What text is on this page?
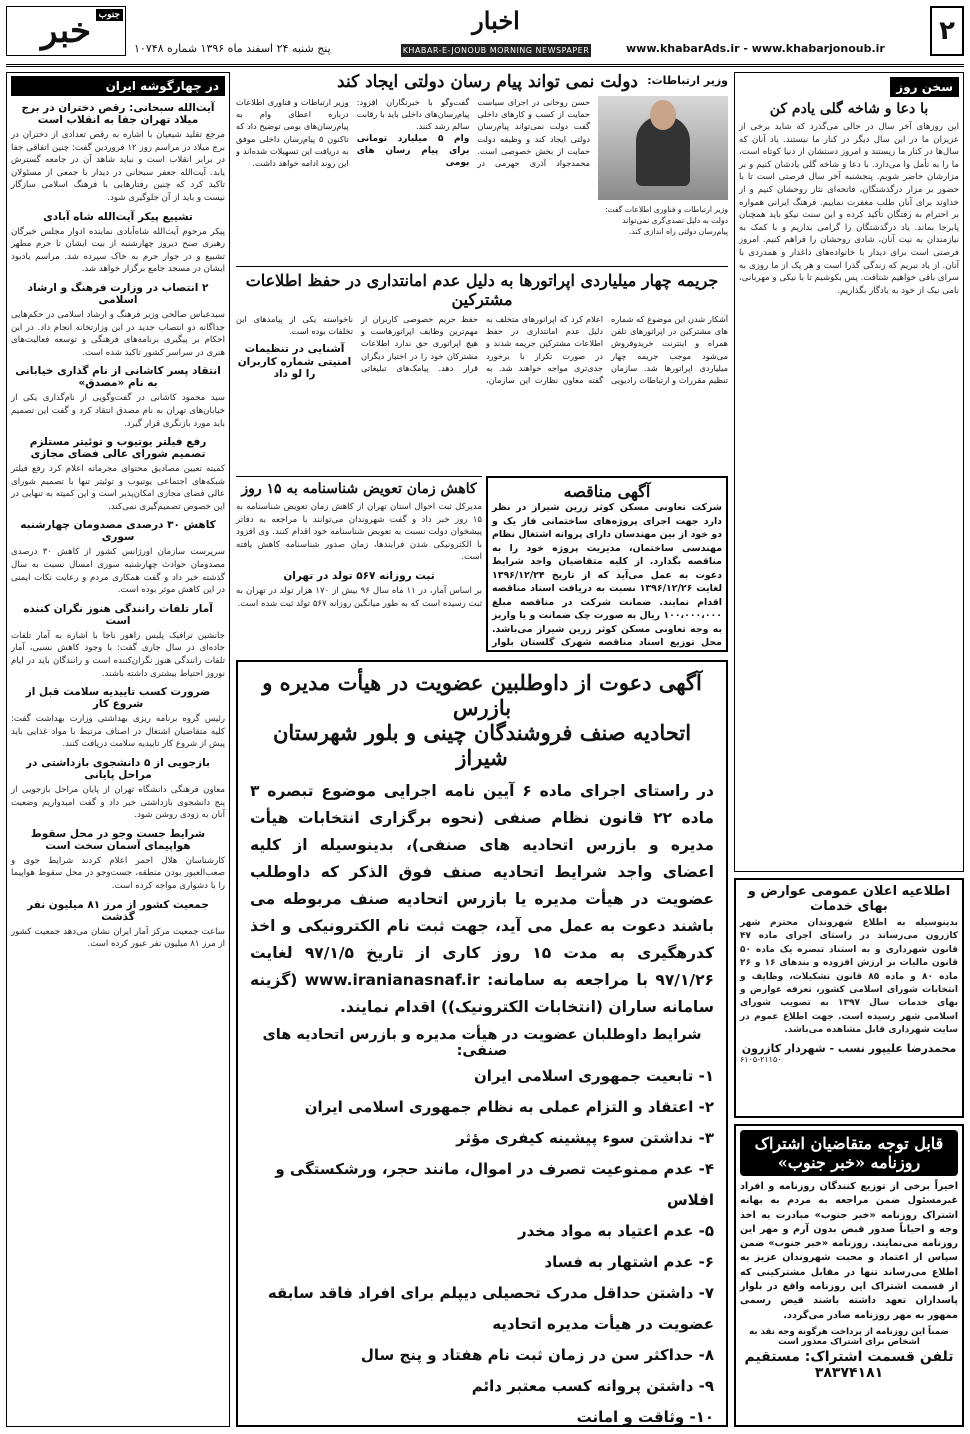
خبر جنوب
پنج شنبه ۲۴ اسفند ماه ۱۳۹۶ شماره ۱۰۷۴۸
اخبار
KHABAR-E-JONOUB MORNING NEWSPAPER	www.khabarAds.ir - www.khabarjonoub.ir
۲
سخن روز
با دعا و شاخه گلی یادم کن
این روزهای آخر سال در حالی می‌گذرد که شاید برخی از عزیزان ما در این سال دیگر در کنار ما نیستند. یاد آنان که سال‌ها در کنار ما زیستند و امروز دستشان از دنیا کوتاه است، ما را به تأمل وا می‌دارد. با دعا و شاخه گلی یادشان کنیم و بر مزارشان حاضر شویم. پنجشنبه آخر سال فرصتی است تا با حضور بر مزار درگذشتگان، فاتحه‌ای نثار روحشان کنیم و از خداوند برای آنان طلب مغفرت نماییم. فرهنگ ایرانی همواره بر احترام به رفتگان تأکید کرده و این سنت نیکو باید همچنان پابرجا بماند. یاد درگذشتگان را گرامی بداریم و با کمک به نیازمندان به نیت آنان، شادی روحشان را فراهم کنیم. امروز فرصتی است برای دیدار با خانواده‌های داغدار و همدردی با آنان. از یاد نبریم که زندگی گذرا است و هر یک از ما روزی به سرای باقی خواهیم شتافت. پس بکوشیم تا با نیکی و مهربانی، نامی نیک از خود به یادگار بگذاریم.
اطلاعیه اعلان عمومی عوارض و بهای خدمات
بدینوسیله به اطلاع شهروندان محترم شهر کازرون می‌رساند در راستای اجرای ماده ۴۷ قانون شهرداری و به استناد تبصره یک ماده ۵۰ قانون مالیات بر ارزش افزوده و بندهای ۱۶ و ۲۶ ماده ۸۰ و ماده ۸۵ قانون تشکیلات، وظایف و انتخابات شورای اسلامی کشور، تعرفه عوارض و بهای خدمات سال ۱۳۹۷ به تصویب شورای اسلامی شهر رسیده است. جهت اطلاع عموم در سایت شهرداری قابل مشاهده می‌باشد.
محمدرضا علیپور نسب - شهردار کازرون
۶۱۰۵-۲۱۱۵۰
قابل توجه متقاضیان اشتراک روزنامه «خبر جنوب»
اخیراً برخی از توزیع کنندگان روزنامه و افراد غیرمسئول ضمن مراجعه به مردم به بهانه اشتراک روزنامه «خبر جنوب» مبادرت به اخذ وجه و احیاناً صدور قبض بدون آرم و مهر این روزنامه می‌نمایند. روزنامه «خبر جنوب» ضمن سپاس از اعتماد و محبت شهروندان عزیز به اطلاع می‌رساند تنها در مقابل مشترکینی که از قسمت اشتراک این روزنامه واقع در بلوار پاسداران تعهد داشته باشند قیض رسمی ممهور به مهر روزنامه صادر می‌گردد.
ضمناً این روزنامه از پرداخت هرگونه وجه نقد به اشخاص برای اشتراک معذور است
تلفن قسمت اشتراک: مستقیم ۳۸۳۷۴۱۸۱
در چهارگوشه ایران
آیت‌الله سبحانی: رقص دختران در برج میلاد تهران جفا به انقلاب است
مرجع تقلید شیعیان با اشاره به رقص تعدادی از دختران در برج میلاد در مراسم روز ۱۲ فروردین گفت: چنین اتفاقی جفا در برابر انقلاب است و نباید شاهد آن در جامعه گسترش یابد. آیت‌الله جعفر سبحانی در دیدار با جمعی از مسئولان تاکید کرد که چنین رفتارهایی با فرهنگ اسلامی سازگار نیست و باید از آن جلوگیری شود.
تشییع پیکر آیت‌الله شاه آبادی
پیکر مرحوم آیت‌الله شاه‌آبادی نماینده ادوار مجلس خبرگان رهبری صبح دیروز چهارشنبه از بیت ایشان تا حرم مطهر تشییع و در جوار حرم به خاک سپرده شد. مراسم یادبود ایشان در مسجد جامع برگزار خواهد شد.
۲ انتصاب در وزارت فرهنگ و ارشاد اسلامی
سیدعباس صالحی وزیر فرهنگ و ارشاد اسلامی در حکم‌هایی جداگانه دو انتصاب جدید در این وزارتخانه انجام داد. در این احکام بر پیگیری برنامه‌های فرهنگی و توسعه فعالیت‌های هنری در سراسر کشور تاکید شده است.
انتقاد پسر کاشانی از نام گذاری خیابانی به نام «مصدق»
سید محمود کاشانی در گفت‌وگویی از نام‌گذاری یکی از خیابان‌های تهران به نام مصدق انتقاد کرد و گفت این تصمیم باید مورد بازنگری قرار گیرد.
رفع فیلتر یوتیوب و توئیتر مستلزم تصمیم شورای عالی فضای مجازی
کمیته تعیین مصادیق محتوای مجرمانه اعلام کرد رفع فیلتر شبکه‌های اجتماعی یوتیوب و توئیتر تنها با تصمیم شورای عالی فضای مجازی امکان‌پذیر است و این کمیته به تنهایی در این خصوص تصمیم‌گیری نمی‌کند.
کاهش ۳۰ درصدی مصدومان چهارشنبه سوری
سرپرست سازمان اورژانس کشور از کاهش ۳۰ درصدی مصدومان حوادث چهارشنبه سوری امسال نسبت به سال گذشته خبر داد و گفت همکاری مردم و رعایت نکات ایمنی در این کاهش موثر بوده است.
آمار تلفات رانندگی هنوز نگران کننده است
جانشین ترافیک پلیس راهور ناجا با اشاره به آمار تلفات جاده‌ای در سال جاری گفت: با وجود کاهش نسبی، آمار تلفات رانندگی هنوز نگران‌کننده است و رانندگان باید در ایام نوروز احتیاط بیشتری داشته باشند.
ضرورت کسب تاییدیه سلامت قبل از شروع کار
رئیس گروه برنامه ریزی بهداشتی وزارت بهداشت گفت: کلیه متقاضیان اشتغال در اصناف مرتبط با مواد غذایی باید پیش از شروع کار تاییدیه سلامت دریافت کنند.
بازجویی از ۵ دانشجوی بازداشتی در مراحل پایانی
معاون فرهنگی دانشگاه تهران از پایان مراحل بازجویی از پنج دانشجوی بازداشتی خبر داد و گفت امیدواریم وضعیت آنان به زودی روشن شود.
شرایط جست وجو در محل سقوط هواپیمای آسمان سخت است
کارشناسان هلال احمر اعلام کردند شرایط جوی و صعب‌العبور بودن منطقه، جست‌وجو در محل سقوط هواپیما را با دشواری مواجه کرده است.
جمعیت کشور از مرز ۸۱ میلیون نفر گذشت
ساعت جمعیت مرکز آمار ایران نشان می‌دهد جمعیت کشور از مرز ۸۱ میلیون نفر عبور کرده است.
وزیر ارتباطات:
دولت نمی تواند پیام رسان دولتی ایجاد کند
وزیر ارتباطات و فناوری اطلاعات گفت: دولت به دلیل تصدی‌گری نمی‌تواند پیام‌رسان دولتی راه اندازی کند.
حسن روحانی در اجرای سیاست حمایت از کسب و کارهای داخلی گفت دولت نمی‌تواند پیام‌رسان دولتی ایجاد کند و وظیفه دولت حمایت از بخش خصوصی است. محمدجواد آذری جهرمی در گفت‌وگو با خبرنگاران افزود: پیام‌رسان‌های داخلی باید با رقابت سالم رشد کنند.
وام ۵ میلیارد تومانی برای پیام رسان های بومی
وزیر ارتباطات و فناوری اطلاعات درباره اعطای وام به پیام‌رسان‌های بومی توضیح داد که تاکنون ۵ پیام‌رسان داخلی موفق به دریافت این تسهیلات شده‌اند و این روند ادامه خواهد داشت.
جریمه چهار میلیاردی اپراتورها به دلیل عدم امانتداری در حفظ اطلاعات مشترکین
آشکار شدن این موضوع که شماره های مشترکین در اپراتورهای تلفن همراه و اینترنت خریدوفروش می‌شود موجب جریمه چهار میلیاردی اپراتورها شد. سازمان تنظیم مقررات و ارتباطات رادیویی اعلام کرد که اپراتورهای متخلف به دلیل عدم امانتداری در حفظ اطلاعات مشترکین جریمه شدند و در صورت تکرار با برخورد جدی‌تری مواجه خواهند شد. به گفته معاون نظارت این سازمان، حفظ حریم خصوصی کاربران از مهم‌ترین وظایف اپراتورهاست و هیچ اپراتوری حق ندارد اطلاعات مشترکان خود را در اختیار دیگران قرار دهد. پیامک‌های تبلیغاتی ناخواسته یکی از پیامدهای این تخلفات بوده است.
آشنایی در تنظیمات امنیتی شماره کاربران را لو داد
کاهش زمان تعویض شناسنامه به ۱۵ روز
مدیرکل ثبت احوال استان تهران از کاهش زمان تعویض شناسنامه به ۱۵ روز خبر داد و گفت شهروندان می‌توانند با مراجعه به دفاتر پیشخوان دولت نسبت به تعویض شناسنامه خود اقدام کنند. وی افزود با الکترونیکی شدن فرایندها، زمان صدور شناسنامه کاهش یافته است.
ثبت روزانه ۵۶۷ تولد در تهران
بر اساس آمار، در ۱۱ ماه سال ۹۶ بیش از ۱۷۰ هزار تولد در تهران به ثبت رسیده است که به طور میانگین روزانه ۵۶۷ تولد ثبت شده است.
آگهی مناقصه
شرکت تعاونی مسکن کوثر زرین شیراز در نظر دارد جهت اجرای پروژه‌های ساختمانی فاز یک و دو خود از بین مهندسان دارای پروانه اشتغال نظام مهندسی ساختمان، مدیریت پروژه خود را به مناقصه بگذارد. از کلیه متقاضیان واجد شرایط دعوت به عمل می‌آید که از تاریخ ۱۳۹۶/۱۲/۲۴ لغایت ۱۳۹۶/۱۲/۲۶ نسبت به دریافت اسناد مناقصه اقدام نمایند. ضمانت شرکت در مناقصه مبلغ ۱۰۰،۰۰۰،۰۰۰ ریال به صورت چک ضمانت و یا واریز به وجه تعاونی مسکن کوثر زرین شیراز می‌باشد. محل توزیع اسناد مناقصه شهرک گلستان بلوار
آگهی دعوت از داوطلبین عضویت در هیأت مدیره و بازرس
اتحادیه صنف فروشندگان چینی و بلور شهرستان شیراز
در راستای اجرای ماده ۶ آیین نامه اجرایی موضوع تبصره ۳ ماده ۲۲ قانون نظام صنفی (نحوه برگزاری انتخابات هیأت مدیره و بازرس اتحادیه های صنفی)، بدینوسیله از کلیه اعضای واجد شرایط اتحادیه صنف فوق الذکر که داوطلب عضویت در هیأت مدیره یا بازرس اتحادیه صنف مربوطه می باشند دعوت به عمل می آید، جهت ثبت نام الکترونیکی و اخذ کدرهگیری به مدت ۱۵ روز کاری از تاریخ ۹۷/۱/۵ لغایت ۹۷/۱/۲۶ با مراجعه به سامانه: www.iranianasnaf.ir (گزینه سامانه ساران (انتخابات الکترونیک)) اقدام نمایند.
شرایط داوطلبان عضویت در هیأت مدیره و بازرس اتحادیه های صنفی:
۱- تابعیت جمهوری اسلامی ایران
۲- اعتقاد و التزام عملی به نظام جمهوری اسلامی ایران
۳- نداشتن سوء پیشینه کیفری مؤثر
۴- عدم ممنوعیت تصرف در اموال، مانند حجر، ورشکستگی و افلاس
۵- عدم اعتیاد به مواد مخدر
۶- عدم اشتهار به فساد
۷- داشتن حداقل مدرک تحصیلی دیپلم برای افراد فاقد سابقه عضویت در هیأت مدیره اتحادیه
۸- حداکثر سن در زمان ثبت نام هفتاد و پنج سال
۹- داشتن پروانه کسب معتبر دائم
۱۰- وثاقت و امانت
